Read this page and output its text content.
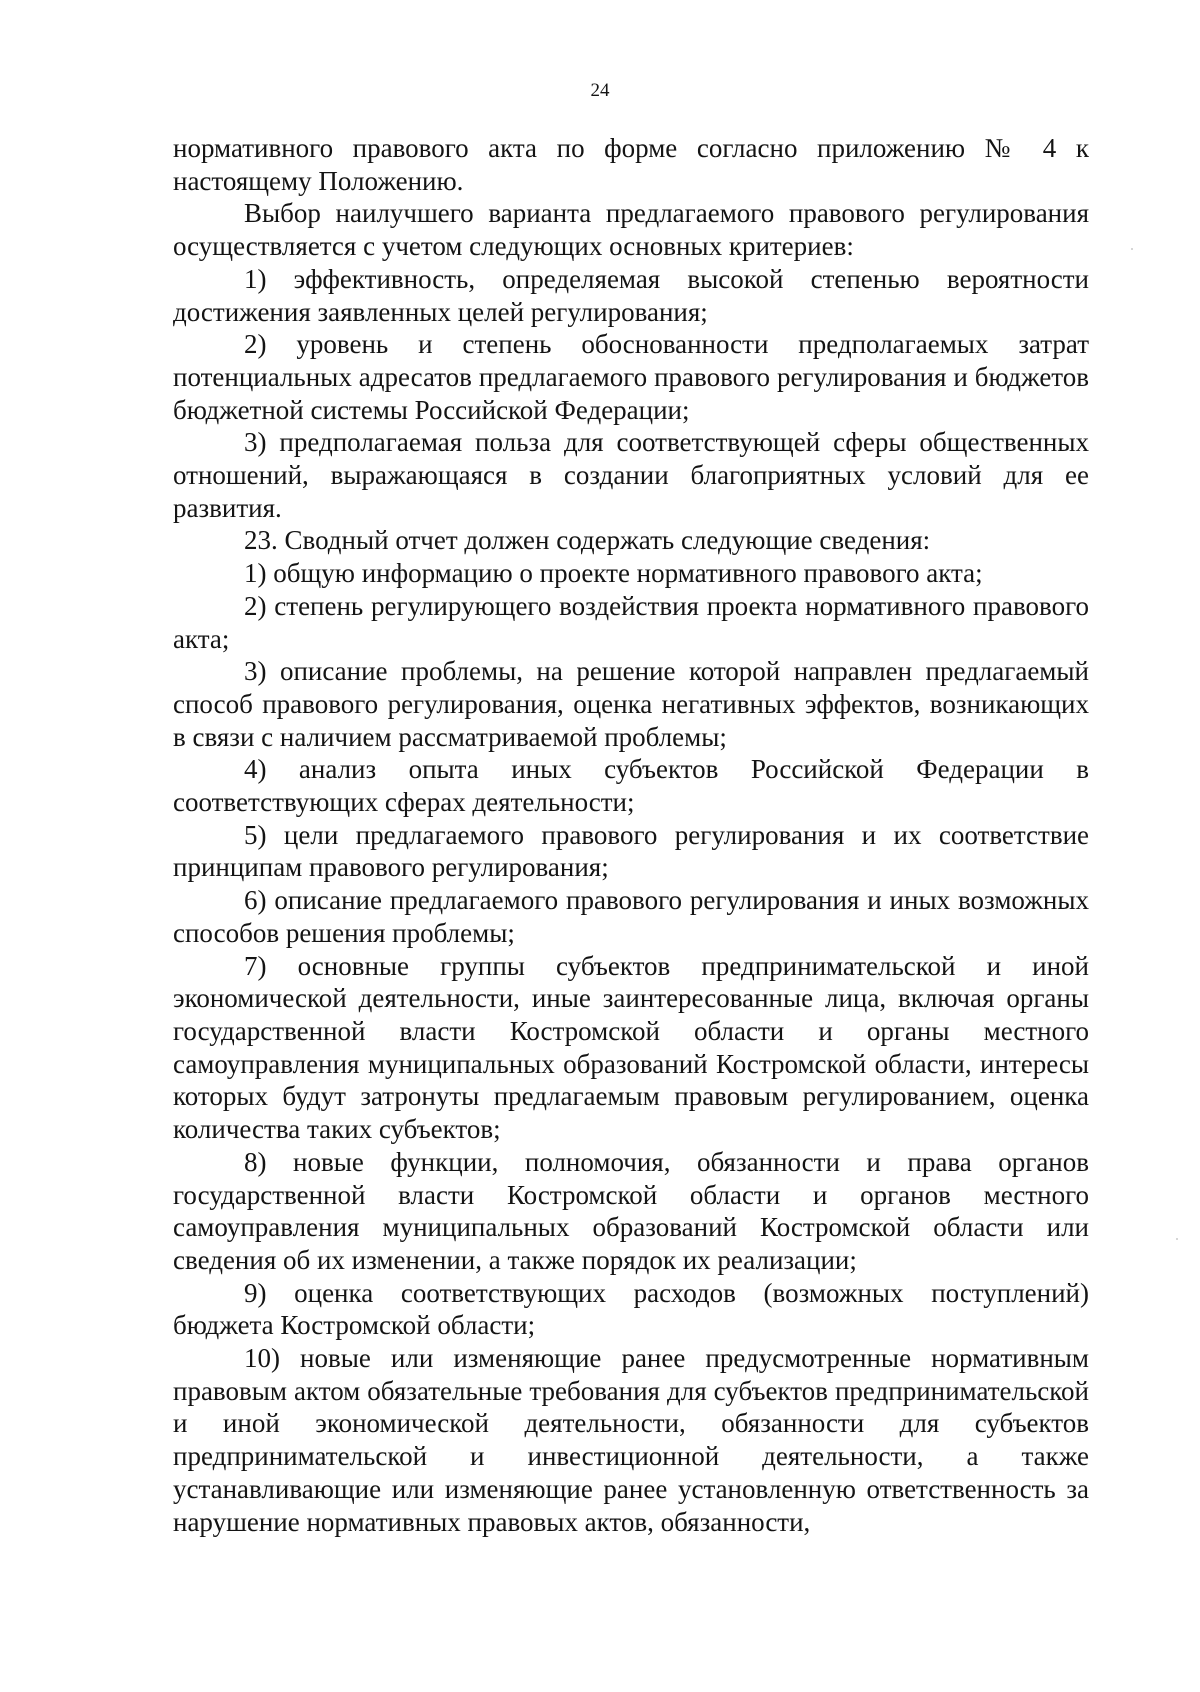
24

нормативного правового акта по форме согласно приложению № 4 к настоящему Положению.

Выбор наилучшего варианта предлагаемого правового регулирования осуществляется с учетом следующих основных критериев:

1) эффективность, определяемая высокой степенью вероятности достижения заявленных целей регулирования;

2) уровень и степень обоснованности предполагаемых затрат потенциальных адресатов предлагаемого правового регулирования и бюджетов бюджетной системы Российской Федерации;

3) предполагаемая польза для соответствующей сферы общественных отношений, выражающаяся в создании благоприятных условий для ее развития.

23. Сводный отчет должен содержать следующие сведения:

1) общую информацию о проекте нормативного правового акта;

2) степень регулирующего воздействия проекта нормативного правового акта;

3) описание проблемы, на решение которой направлен предлагаемый способ правового регулирования, оценка негативных эффектов, возникающих в связи с наличием рассматриваемой проблемы;

4) анализ опыта иных субъектов Российской Федерации в соответствующих сферах деятельности;

5) цели предлагаемого правового регулирования и их соответствие принципам правового регулирования;

6) описание предлагаемого правового регулирования и иных возможных способов решения проблемы;

7) основные группы субъектов предпринимательской и иной экономической деятельности, иные заинтересованные лица, включая органы государственной власти Костромской области и органы местного самоуправления муниципальных образований Костромской области, интересы которых будут затронуты предлагаемым правовым регулированием, оценка количества таких субъектов;

8) новые функции, полномочия, обязанности и права органов государственной власти Костромской области и органов местного самоуправления муниципальных образований Костромской области или сведения об их изменении, а также порядок их реализации;

9) оценка соответствующих расходов (возможных поступлений) бюджета Костромской области;

10) новые или изменяющие ранее предусмотренные нормативным правовым актом обязательные требования для субъектов предпринимательской и иной экономической деятельности, обязанности для субъектов предпринимательской и инвестиционной деятельности, а также устанавливающие или изменяющие ранее установленную ответственность за нарушение нормативных правовых актов, обязанности,
